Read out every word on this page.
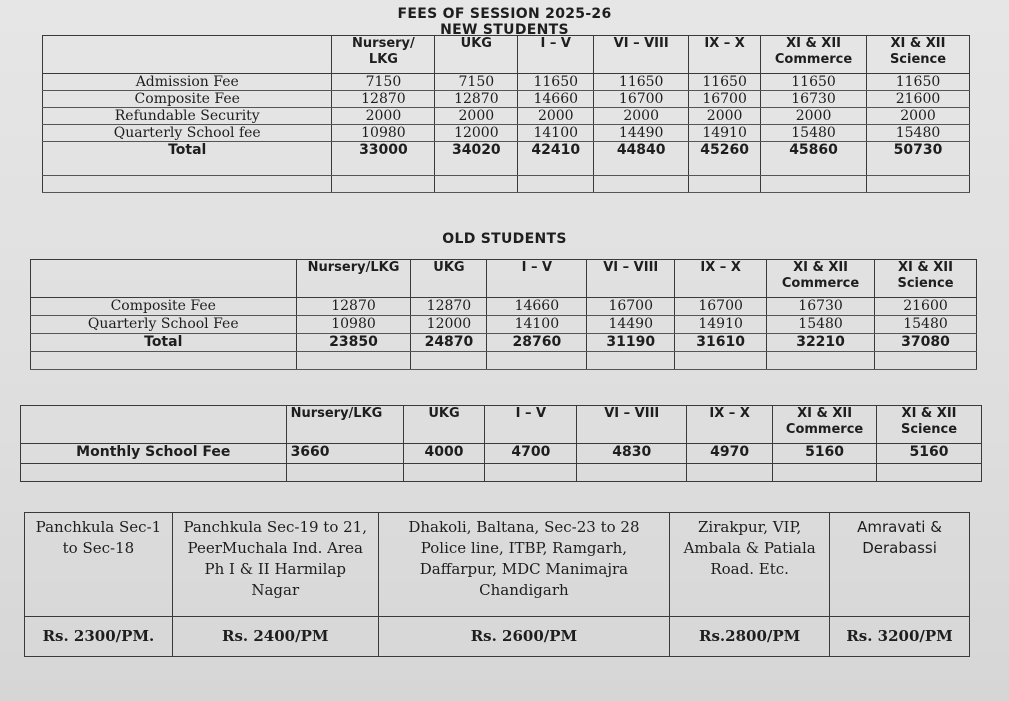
FEES OF SESSION 2025-26
NEW STUDENTS
	Nursery/ LKG	UKG	I – V	VI – VIII	IX – X	XI & XII Commerce	XI & XII Science
Admission Fee	7150	7150	11650	11650	11650	11650	11650
Composite Fee	12870	12870	14660	16700	16700	16730	21600
Refundable Security	2000	2000	2000	2000	2000	2000	2000
Quarterly School fee	10980	12000	14100	14490	14910	15480	15480
Total	33000	34020	42410	44840	45260	45860	50730

OLD STUDENTS
	Nursery/LKG	UKG	I – V	VI – VIII	IX – X	XI & XII Commerce	XI & XII Science
Composite Fee	12870	12870	14660	16700	16700	16730	21600
Quarterly School Fee	10980	12000	14100	14490	14910	15480	15480
Total	23850	24870	28760	31190	31610	32210	37080

	Nursery/LKG	UKG	I – V	VI – VIII	IX – X	XI & XII Commerce	XI & XII Science
Monthly School Fee	3660	4000	4700	4830	4970	5160	5160

Panchkula Sec-1 to Sec-18	Panchkula Sec-19 to 21, PeerMuchala Ind. Area Ph I & II Harmilap Nagar	Dhakoli, Baltana, Sec-23 to 28 Police line, ITBP, Ramgarh, Daffarpur, MDC Manimajra Chandigarh	Zirakpur, VIP, Ambala & Patiala Road. Etc.	Amravati & Derabassi
Rs. 2300/PM.	Rs. 2400/PM	Rs. 2600/PM	Rs.2800/PM	Rs. 3200/PM
